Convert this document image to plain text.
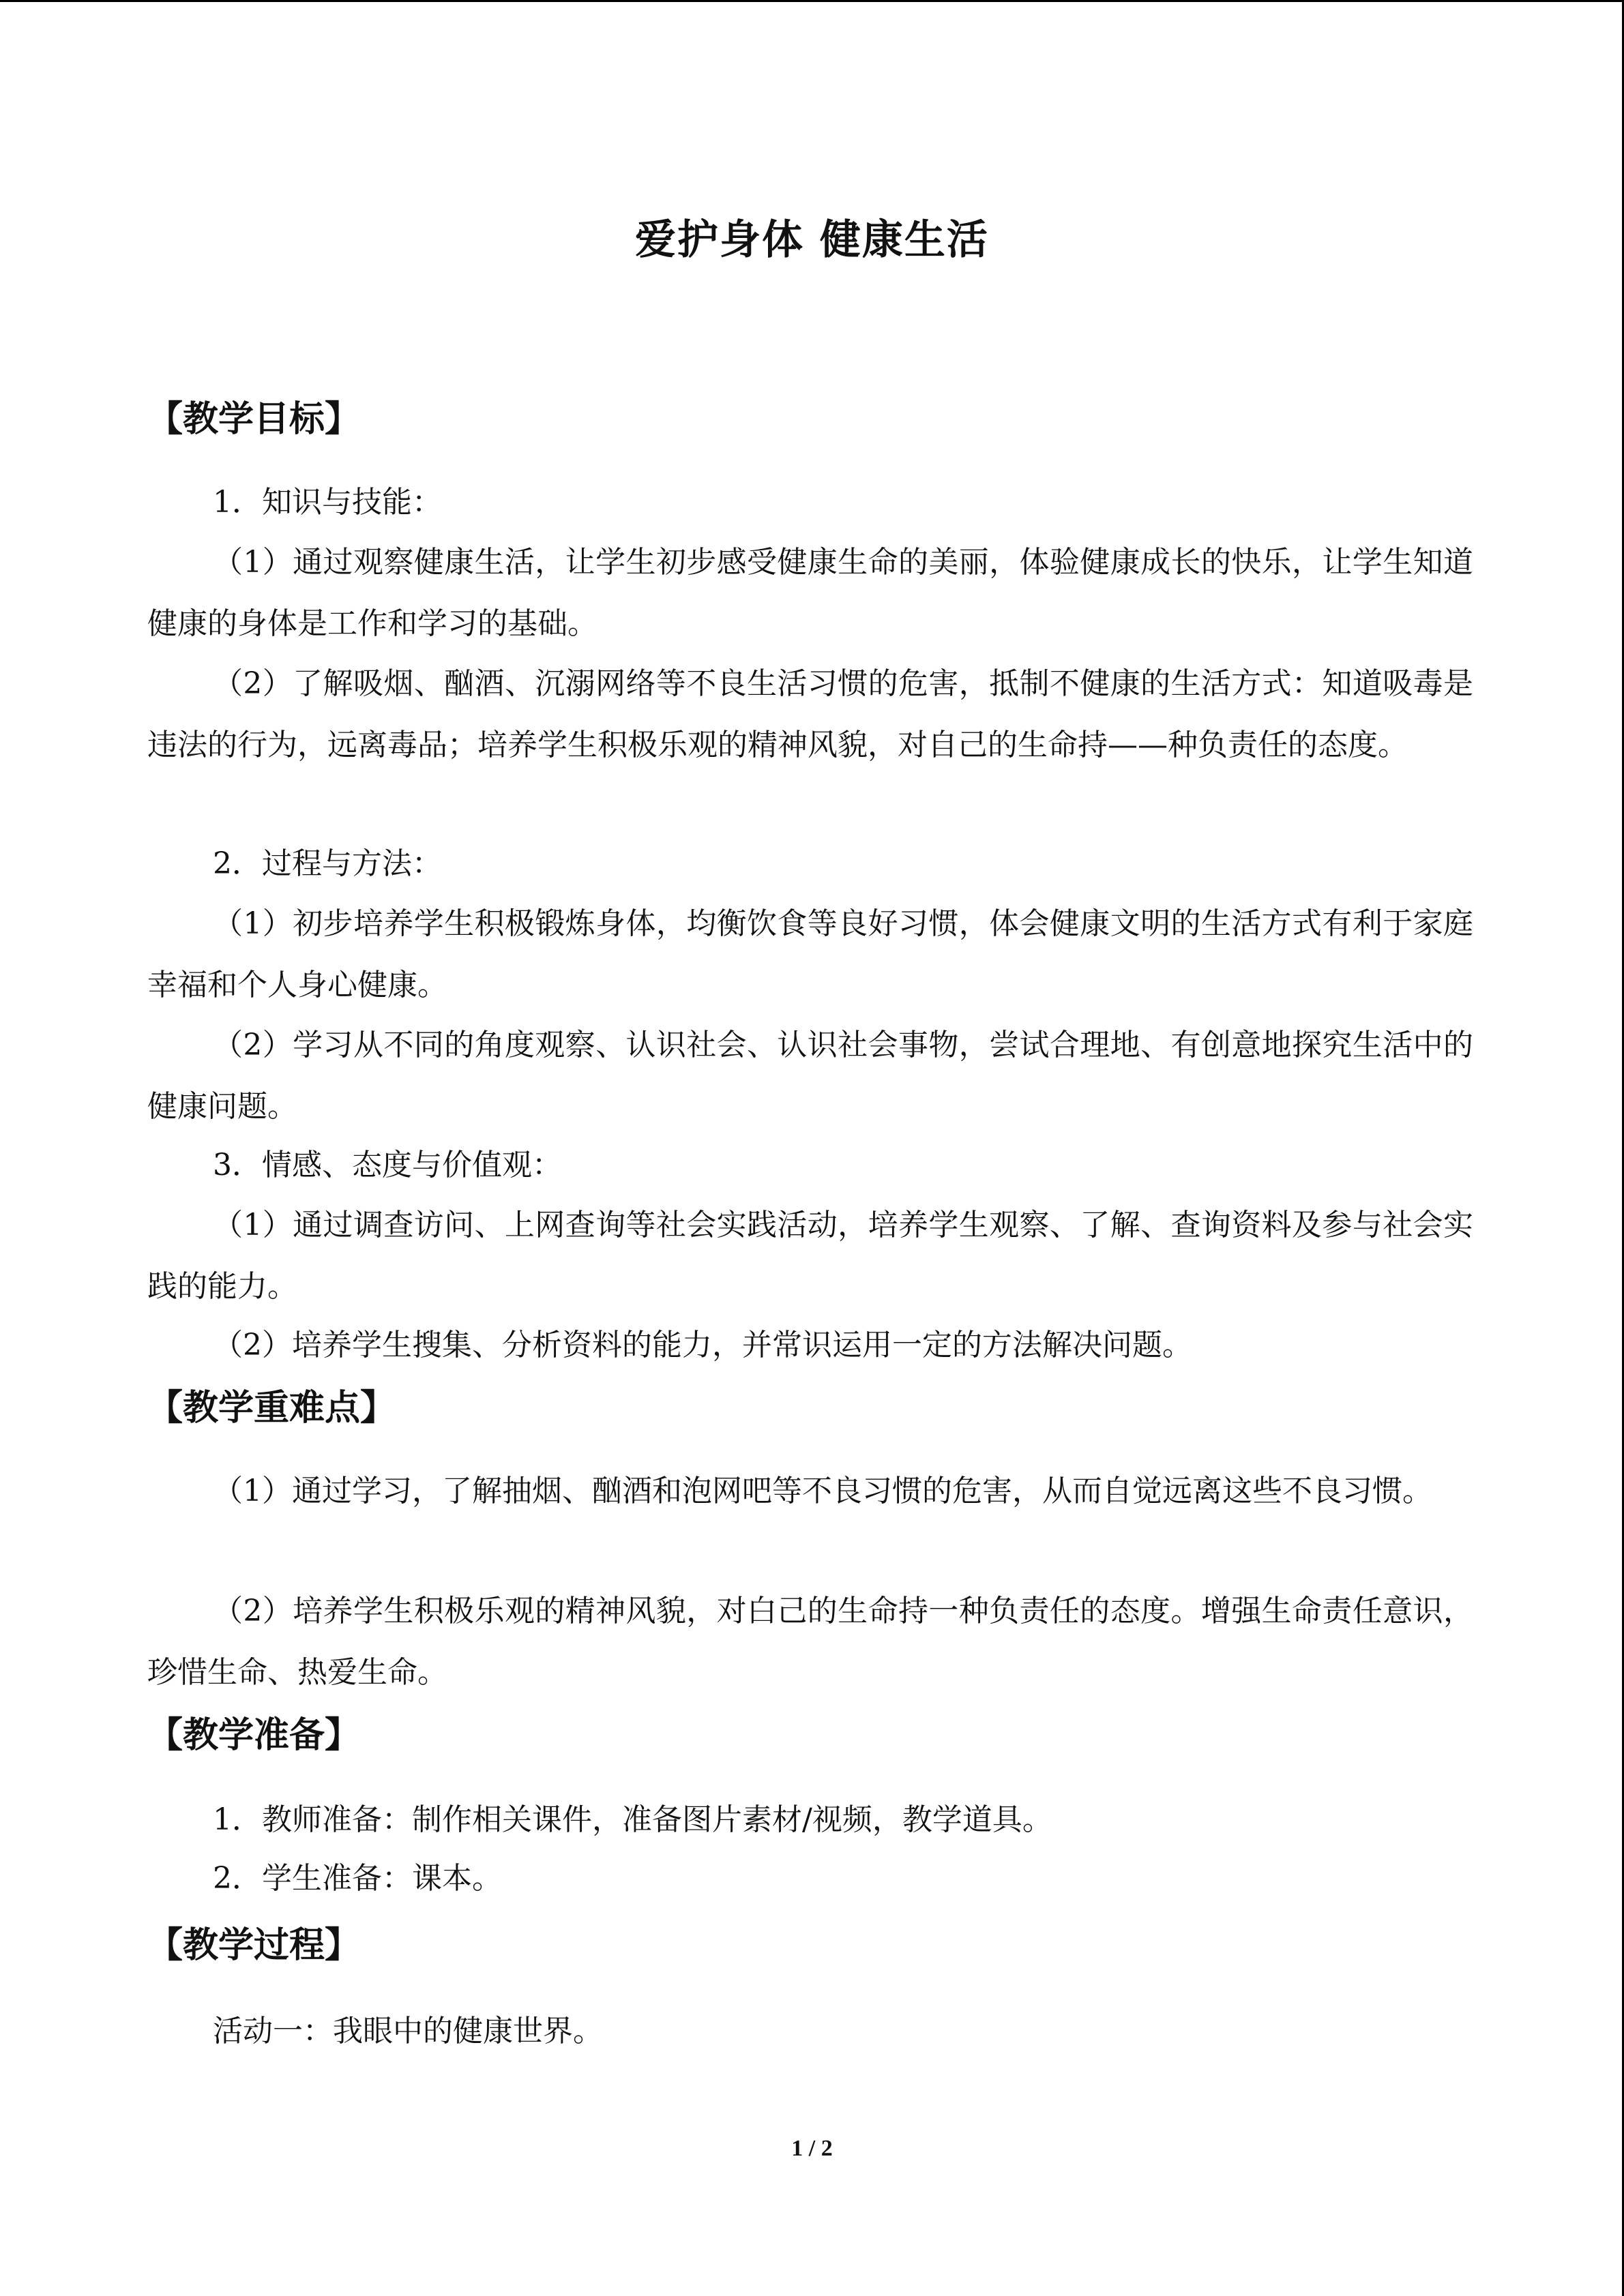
爱护身体 健康生活
【教学目标】
1．知识与技能：
（1）通过观察健康生活，让学生初步感受健康生命的美丽，体验健康成长的快乐，让学生知道健康的身体是工作和学习的基础。
（2）了解吸烟、酗酒、沉溺网络等不良生活习惯的危害，抵制不健康的生活方式：知道吸毒是违法的行为，远离毒品；培养学生积极乐观的精神风貌，对自己的生命持——种负责任的态度。
2．过程与方法：
（1）初步培养学生积极锻炼身体，均衡饮食等良好习惯，体会健康文明的生活方式有利于家庭幸福和个人身心健康。
（2）学习从不同的角度观察、认识社会、认识社会事物，尝试合理地、有创意地探究生活中的健康问题。
3．情感、态度与价值观：
（1）通过调查访问、上网查询等社会实践活动，培养学生观察、了解、查询资料及参与社会实践的能力。
（2）培养学生搜集、分析资料的能力，并常识运用一定的方法解决问题。
【教学重难点】
（1）通过学习，了解抽烟、酗酒和泡网吧等不良习惯的危害，从而自觉远离这些不良习惯。
（2）培养学生积极乐观的精神风貌，对白己的生命持一种负责任的态度。增强生命责任意识，珍惜生命、热爱生命。
【教学准备】
1．教师准备：制作相关课件，准备图片素材/视频，教学道具。
2．学生准备：课本。
【教学过程】
活动一：我眼中的健康世界。
1 / 2
